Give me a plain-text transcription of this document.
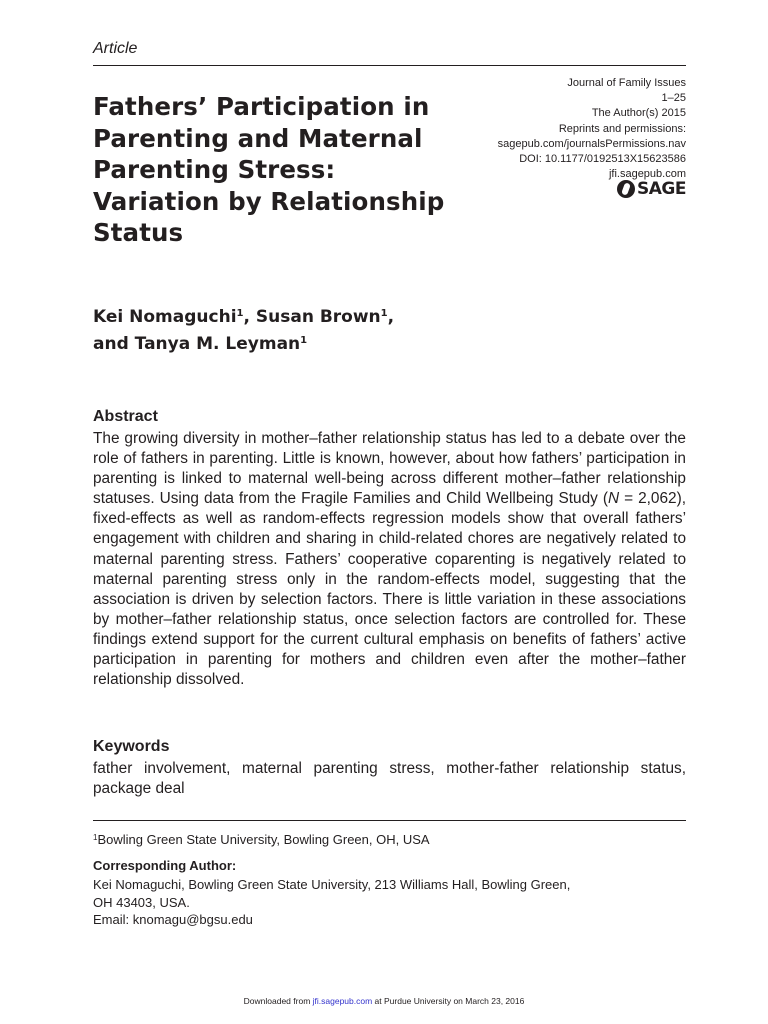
Article
Fathers’ Participation in
Parenting and Maternal
Parenting Stress:
Variation by Relationship
Status
Journal of Family Issues
1–25
The Author(s) 2015
Reprints and permissions:
sagepub.com/journalsPermissions.nav
DOI: 10.1177/0192513X15623586
jfi.sagepub.com
SAGE
Kei Nomaguchi$^1$, Susan Brown$^1$,
and Tanya M. Leyman$^1$
Abstract
The growing diversity in mother–father relationship status has led to a debate over the role of fathers in parenting. Little is known, however, about how fathers’ participation in parenting is linked to maternal well-being across different mother–father relationship statuses. Using data from the Fragile Families and Child Wellbeing Study (N = 2,062), fixed-effects as well as random-effects regression models show that overall fathers’ engagement with children and sharing in child-related chores are negatively related to maternal parenting stress. Fathers’ cooperative coparenting is negatively related to maternal parenting stress only in the random-effects model, suggesting that the association is driven by selection factors. There is little variation in these associations by mother–father relationship status, once selection factors are controlled for. These findings extend support for the current cultural emphasis on benefits of fathers’ active participation in parenting for mothers and children even after the mother–father relationship dissolved.
Keywords
father involvement, maternal parenting stress, mother-father relationship status, package deal
$^1$Bowling Green State University, Bowling Green, OH, USA
Corresponding Author:
Kei Nomaguchi, Bowling Green State University, 213 Williams Hall, Bowling Green,
OH 43403, USA.
Email: knomagu@bgsu.edu
Downloaded from jfi.sagepub.com at Purdue University on March 23, 2016
